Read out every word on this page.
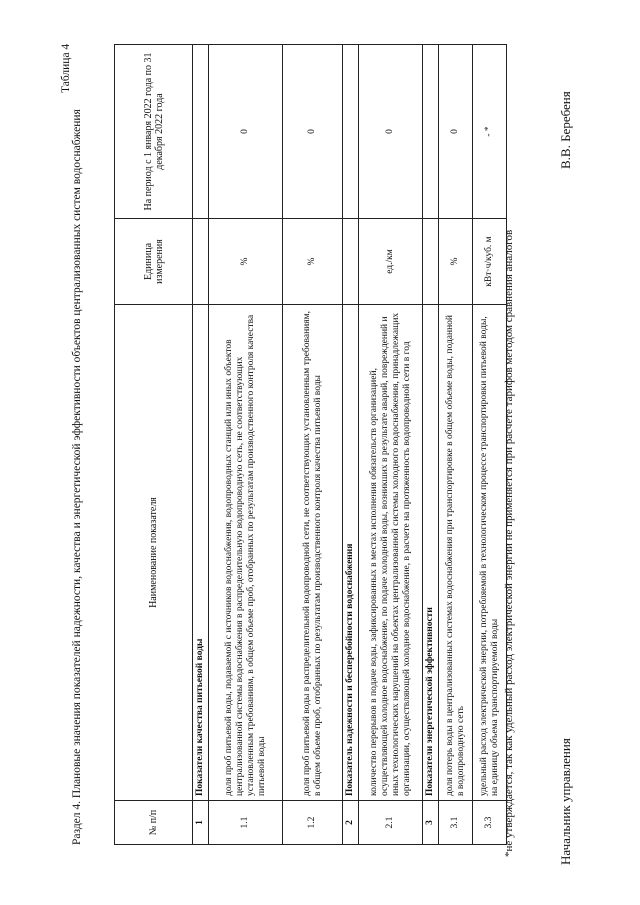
Таблица 4
Раздел 4. Плановые значения показателей надежности, качества и энергетической эффективности объектов централизованных систем водоснабжения	№ п/п	Наименование показателя	Единица измерения	На период с 1 января 2022 года по 31 декабря 2022 года
1	Показатели качества питьевой воды		
1.1	доля проб питьевой воды, подаваемой с источников водоснабжения, водопроводных станций или иных объектов централизованной системы водоснабжения в распределительную водопроводную сеть, не соответствующих установленным требованиям, в общем объеме проб, отобранных по результатам производственного контроля качества питьевой воды	%	0
1.2	доля проб питьевой воды в распределительной водопроводной сети, не соответствующих установленным требованиям, в общем объеме проб, отобранных по результатам производственного контроля качества питьевой воды	%	0
2	Показатель надежности и бесперебойности водоснабжения		
2.1	количество перерывов в подаче воды, зафиксированных в местах исполнения обязательств организацией, осуществляющей холодное водоснабжение, по подаче холодной воды, возникших в результате аварий, повреждений и иных технологических нарушений на объектах централизованной системы холодного водоснабжения, принадлежащих организации, осуществляющей холодное водоснабжение, в расчете на протяженность водопроводной сети в год	ед./км	0
3	Показатели энергетической эффективности		
3.1	доля потерь воды в централизованных системах водоснабжения при транспортировке в общем объеме воды, поданной в водопроводную сеть	%	0
3.3	удельный расход электрической энергии, потребляемой в технологическом процессе транспортировки питьевой воды, на единицу объема транспортируемой воды	кВт·ч/куб. м	- *
*не утверждается, так как удельный расход электрической энергии не применяется при расчете тарифов методом сравнения аналогов	Начальник управления
В.В. Беребеня
